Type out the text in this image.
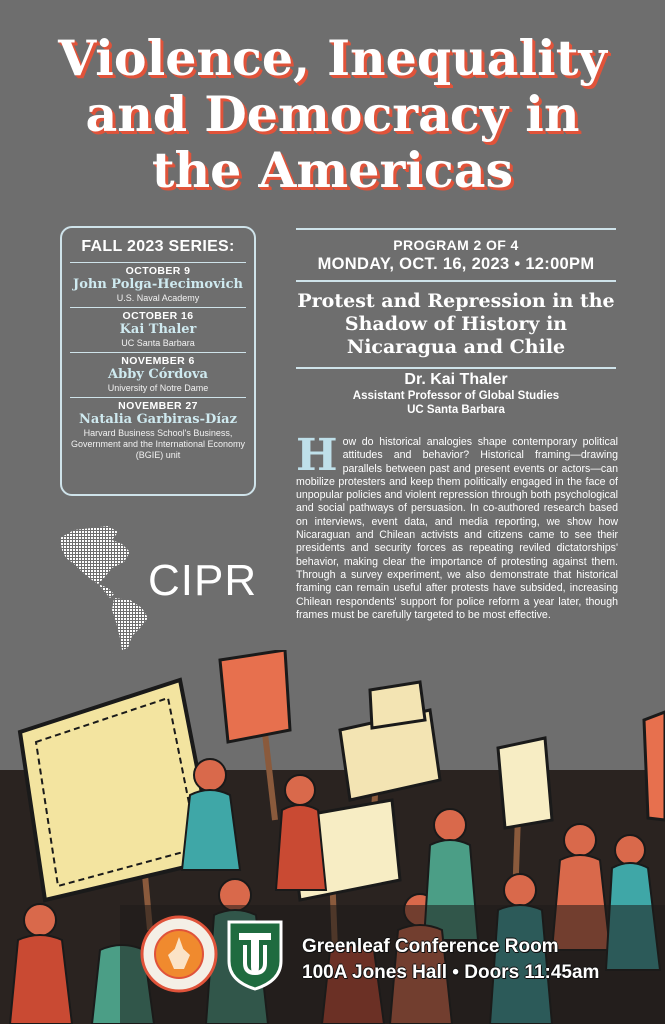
Violence, Inequality
and Democracy in
the Americas
FALL 2023 SERIES:
OCTOBER 9
John Polga-Hecimovich
U.S. Naval Academy
OCTOBER 16
Kai Thaler
UC Santa Barbara
NOVEMBER 6
Abby Córdova
University of Notre Dame
NOVEMBER 27
Natalia Garbiras-Díaz
Harvard Business School's Business, Government and the International Economy (BGIE) unit
CIPR
PROGRAM 2 OF 4
MONDAY, OCT. 16, 2023 • 12:00PM
Protest and Repression in the Shadow of History in Nicaragua and Chile
Dr. Kai Thaler
Assistant Professor of Global Studies
UC Santa Barbara
How do historical analogies shape contemporary political attitudes and behavior? Historical framing—drawing parallels between past and present events or actors—can mobilize protesters and keep them politically engaged in the face of unpopular policies and violent repression through both psychological and social pathways of persuasion. In co-authored research based on interviews, event data, and media reporting, we show how Nicaraguan and Chilean activists and citizens came to see their presidents and security forces as repeating reviled dictatorships' behavior, making clear the importance of protesting against them. Through a survey experiment, we also demonstrate that historical framing can remain useful after protests have subsided, increasing Chilean respondents' support for police reform a year later, though frames must be carefully targeted to be most effective.
Greenleaf Conference Room
100A Jones Hall • Doors 11:45am
